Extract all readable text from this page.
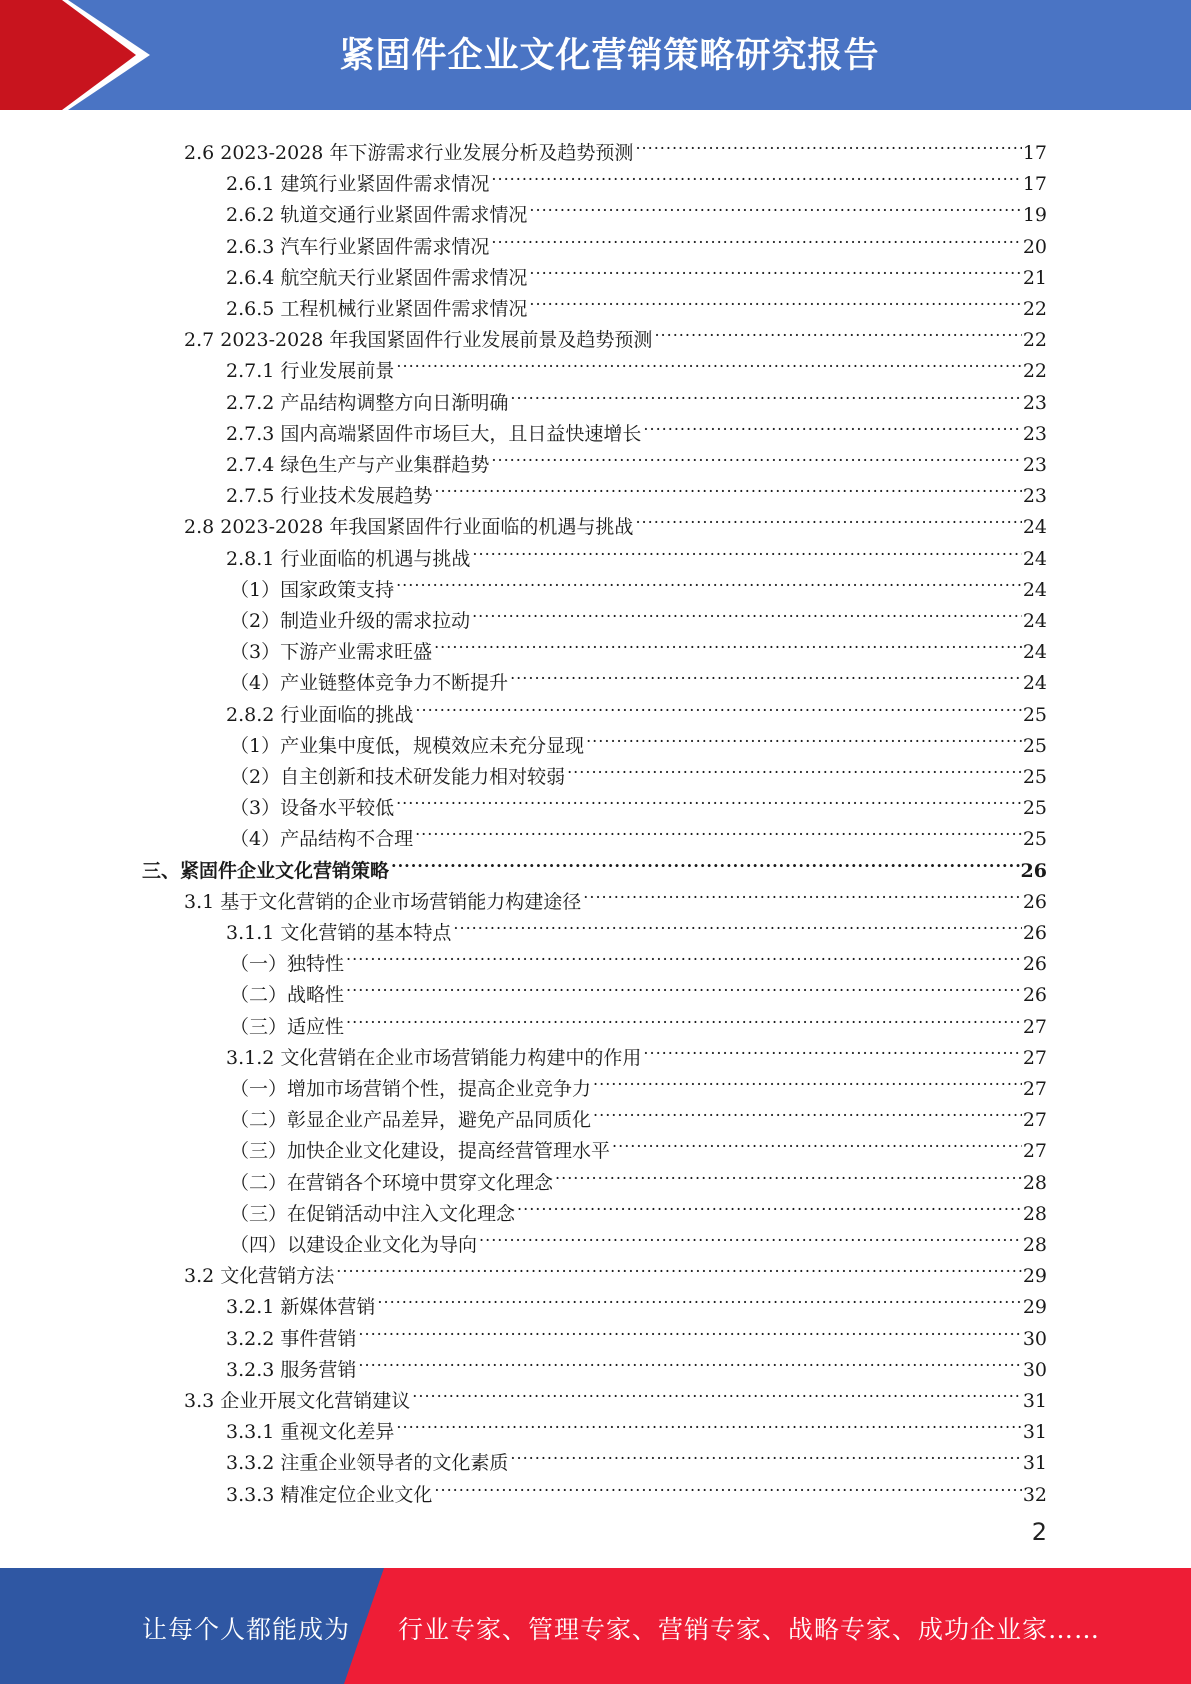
紧固件企业文化营销策略研究报告
2.6 2023-2028 年下游需求行业发展分析及趋势预测 .....	17
2.6.1 建筑行业紧固件需求情况 .....	17
2.6.2 轨道交通行业紧固件需求情况 .....	19
2.6.3 汽车行业紧固件需求情况 .....	20
2.6.4 航空航天行业紧固件需求情况 .....	21
2.6.5 工程机械行业紧固件需求情况 .....	22
2.7 2023-2028 年我国紧固件行业发展前景及趋势预测 .....	22
2.7.1 行业发展前景 .....	22
2.7.2 产品结构调整方向日渐明确 .....	23
2.7.3 国内高端紧固件市场巨大，且日益快速增长 .....	23
2.7.4 绿色生产与产业集群趋势 .....	23
2.7.5 行业技术发展趋势 .....	23
2.8 2023-2028 年我国紧固件行业面临的机遇与挑战 .....	24
2.8.1 行业面临的机遇与挑战 .....	24
（1）国家政策支持 .....	24
（2）制造业升级的需求拉动 .....	24
（3）下游产业需求旺盛 .....	24
（4）产业链整体竞争力不断提升 .....	24
2.8.2 行业面临的挑战 .....	25
（1）产业集中度低，规模效应未充分显现 .....	25
（2）自主创新和技术研发能力相对较弱 .....	25
（3）设备水平较低 .....	25
（4）产品结构不合理 .....	25
三、紧固件企业文化营销策略 .....	26
3.1 基于文化营销的企业市场营销能力构建途径 .....	26
3.1.1 文化营销的基本特点 .....	26
（一）独特性 .....	26
（二）战略性 .....	26
（三）适应性 .....	27
3.1.2 文化营销在企业市场营销能力构建中的作用 .....	27
（一）增加市场营销个性，提高企业竞争力 .....	27
（二）彰显企业产品差异，避免产品同质化 .....	27
（三）加快企业文化建设，提高经营管理水平 .....	27
（二）在营销各个环境中贯穿文化理念 .....	28
（三）在促销活动中注入文化理念 .....	28
（四）以建设企业文化为导向 .....	28
3.2 文化营销方法 .....	29
3.2.1 新媒体营销 .....	29
3.2.2 事件营销 .....	30
3.2.3 服务营销 .....	30
3.3 企业开展文化营销建议 .....	31
3.3.1 重视文化差异 .....	31
3.3.2 注重企业领导者的文化素质 .....	31
3.3.3 精准定位企业文化 .....	32
2
让每个人都能成为 行业专家、管理专家、营销专家、战略专家、成功企业家……
